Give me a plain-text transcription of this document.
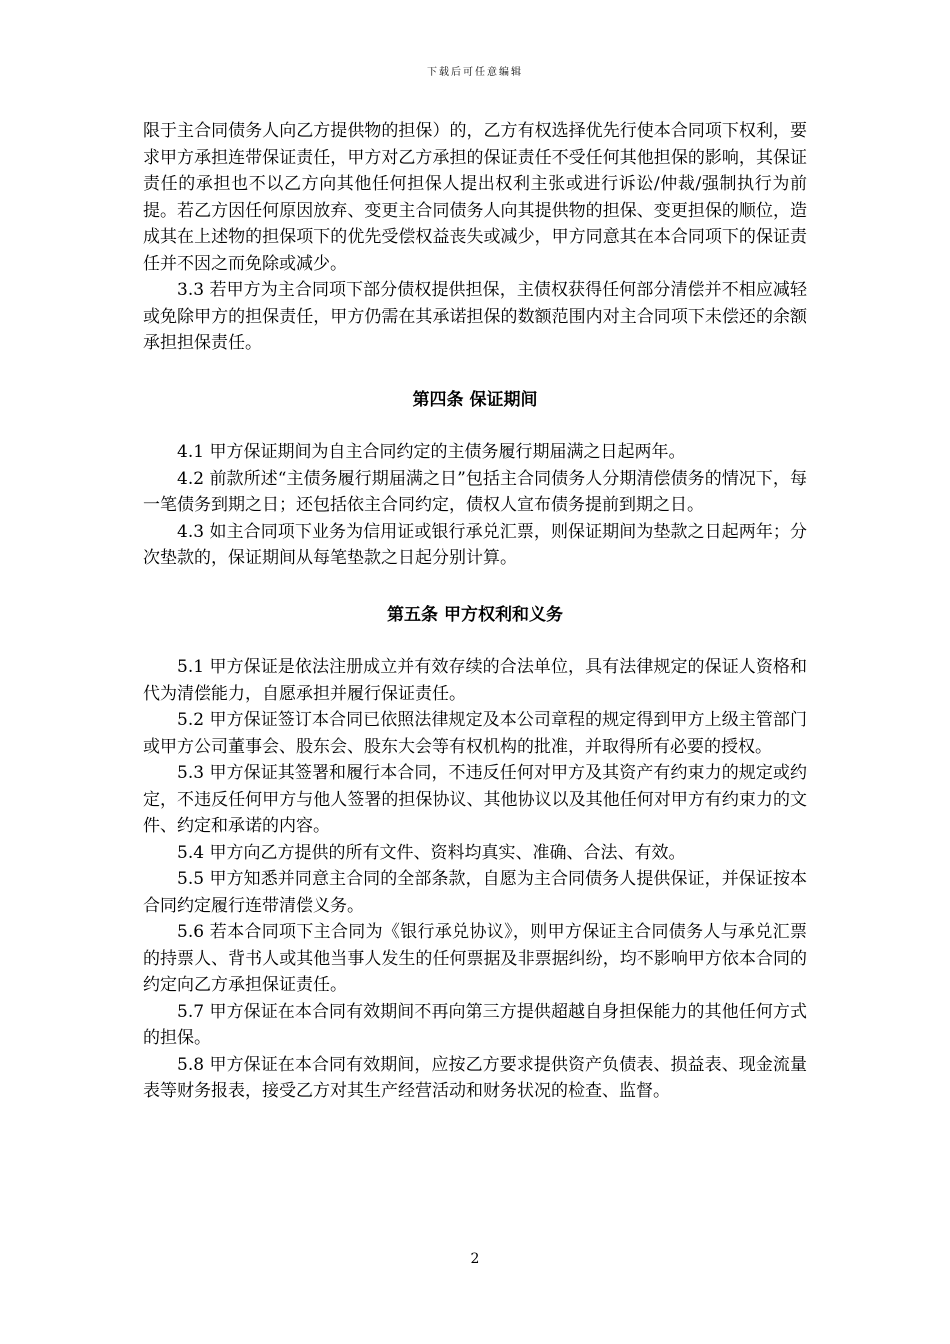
下载后可任意编辑

限于主合同债务人向乙方提供物的担保）的，乙方有权选择优先行使本合同项下权利，要求甲方承担连带保证责任，甲方对乙方承担的保证责任不受任何其他担保的影响，其保证责任的承担也不以乙方向其他任何担保人提出权利主张或进行诉讼/仲裁/强制执行为前提。若乙方因任何原因放弃、变更主合同债务人向其提供物的担保、变更担保的顺位，造成其在上述物的担保项下的优先受偿权益丧失或减少，甲方同意其在本合同项下的保证责任并不因之而免除或减少。

3.3 若甲方为主合同项下部分债权提供担保，主债权获得任何部分清偿并不相应减轻或免除甲方的担保责任，甲方仍需在其承诺担保的数额范围内对主合同项下未偿还的余额承担担保责任。

第四条 保证期间

4.1 甲方保证期间为自主合同约定的主债务履行期届满之日起两年。

4.2 前款所述“主债务履行期届满之日”包括主合同债务人分期清偿债务的情况下，每一笔债务到期之日；还包括依主合同约定，债权人宣布债务提前到期之日。

4.3 如主合同项下业务为信用证或银行承兑汇票，则保证期间为垫款之日起两年；分次垫款的，保证期间从每笔垫款之日起分别计算。

第五条 甲方权利和义务

5.1 甲方保证是依法注册成立并有效存续的合法单位，具有法律规定的保证人资格和代为清偿能力，自愿承担并履行保证责任。

5.2 甲方保证签订本合同已依照法律规定及本公司章程的规定得到甲方上级主管部门或甲方公司董事会、股东会、股东大会等有权机构的批准，并取得所有必要的授权。

5.3 甲方保证其签署和履行本合同，不违反任何对甲方及其资产有约束力的规定或约定，不违反任何甲方与他人签署的担保协议、其他协议以及其他任何对甲方有约束力的文件、约定和承诺的内容。

5.4 甲方向乙方提供的所有文件、资料均真实、准确、合法、有效。

5.5 甲方知悉并同意主合同的全部条款，自愿为主合同债务人提供保证，并保证按本合同约定履行连带清偿义务。

5.6 若本合同项下主合同为《银行承兑协议》，则甲方保证主合同债务人与承兑汇票的持票人、背书人或其他当事人发生的任何票据及非票据纠纷，均不影响甲方依本合同的约定向乙方承担保证责任。

5.7 甲方保证在本合同有效期间不再向第三方提供超越自身担保能力的其他任何方式的担保。

5.8 甲方保证在本合同有效期间，应按乙方要求提供资产负债表、损益表、现金流量表等财务报表，接受乙方对其生产经营活动和财务状况的检查、监督。

2
